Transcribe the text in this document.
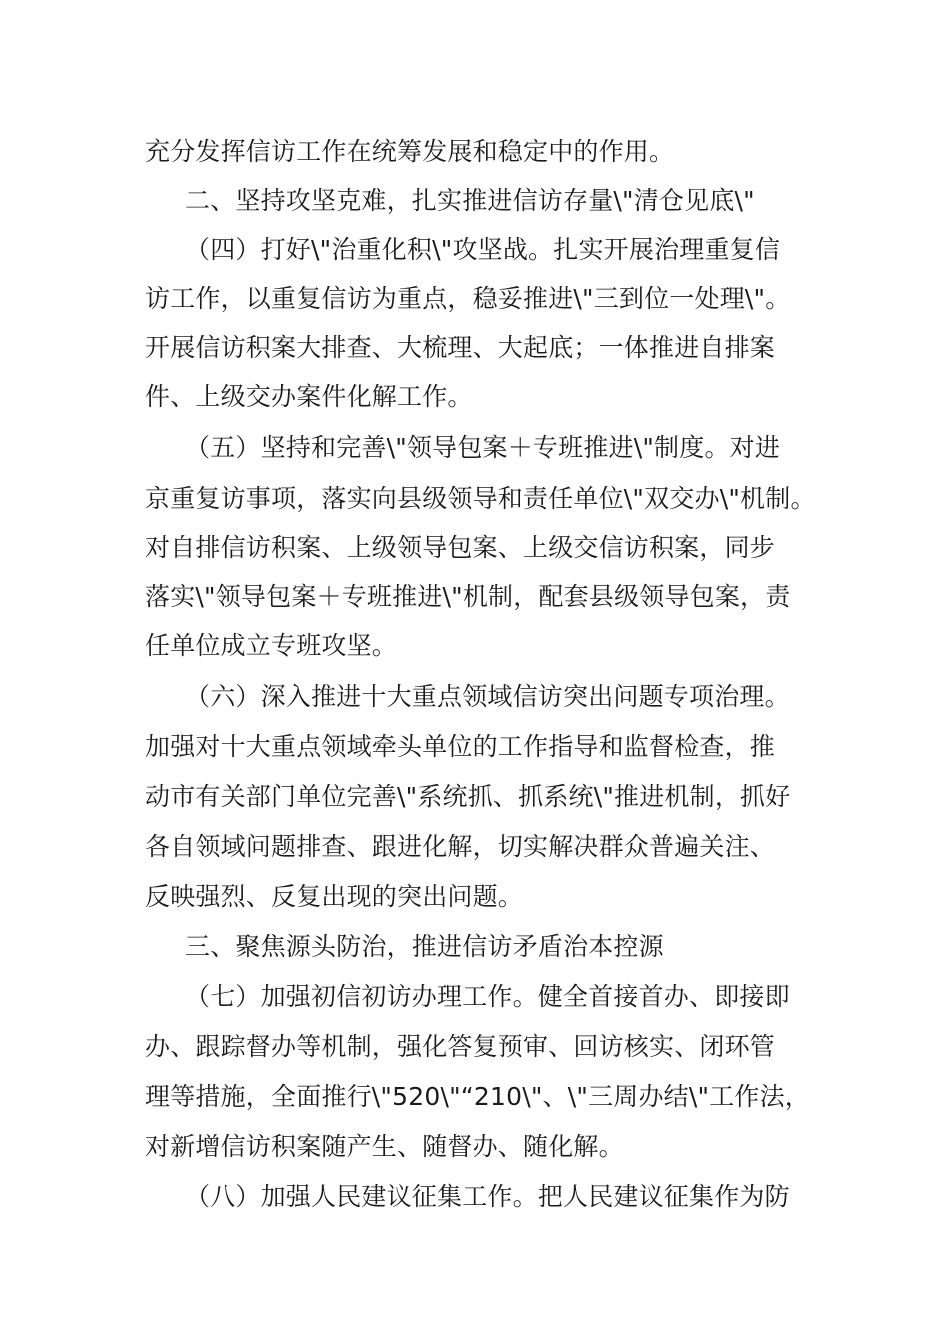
充分发挥信访工作在统筹发展和稳定中的作用。
二、坚持攻坚克难，扎实推进信访存量\"清仓见底\"
（四）打好\"治重化积\"攻坚战。扎实开展治理重复信
访工作，以重复信访为重点，稳妥推进\"三到位一处理\"。
开展信访积案大排查、大梳理、大起底；一体推进自排案
件、上级交办案件化解工作。
（五）坚持和完善\"领导包案＋专班推进\"制度。对进
京重复访事项，落实向县级领导和责任单位\"双交办\"机制。
对自排信访积案、上级领导包案、上级交信访积案，同步
落实\"领导包案＋专班推进\"机制，配套县级领导包案，责
任单位成立专班攻坚。
（六）深入推进十大重点领域信访突出问题专项治理。
加强对十大重点领域牵头单位的工作指导和监督检查，推
动市有关部门单位完善\"系统抓、抓系统\"推进机制，抓好
各自领域问题排查、跟进化解，切实解决群众普遍关注、
反映强烈、反复出现的突出问题。
三、聚焦源头防治，推进信访矛盾治本控源
（七）加强初信初访办理工作。健全首接首办、即接即
办、跟踪督办等机制，强化答复预审、回访核实、闭环管
理等措施，全面推行\"520\"“210\"、\"三周办结\"工作法，
对新增信访积案随产生、随督办、随化解。
（八）加强人民建议征集工作。把人民建议征集作为防
